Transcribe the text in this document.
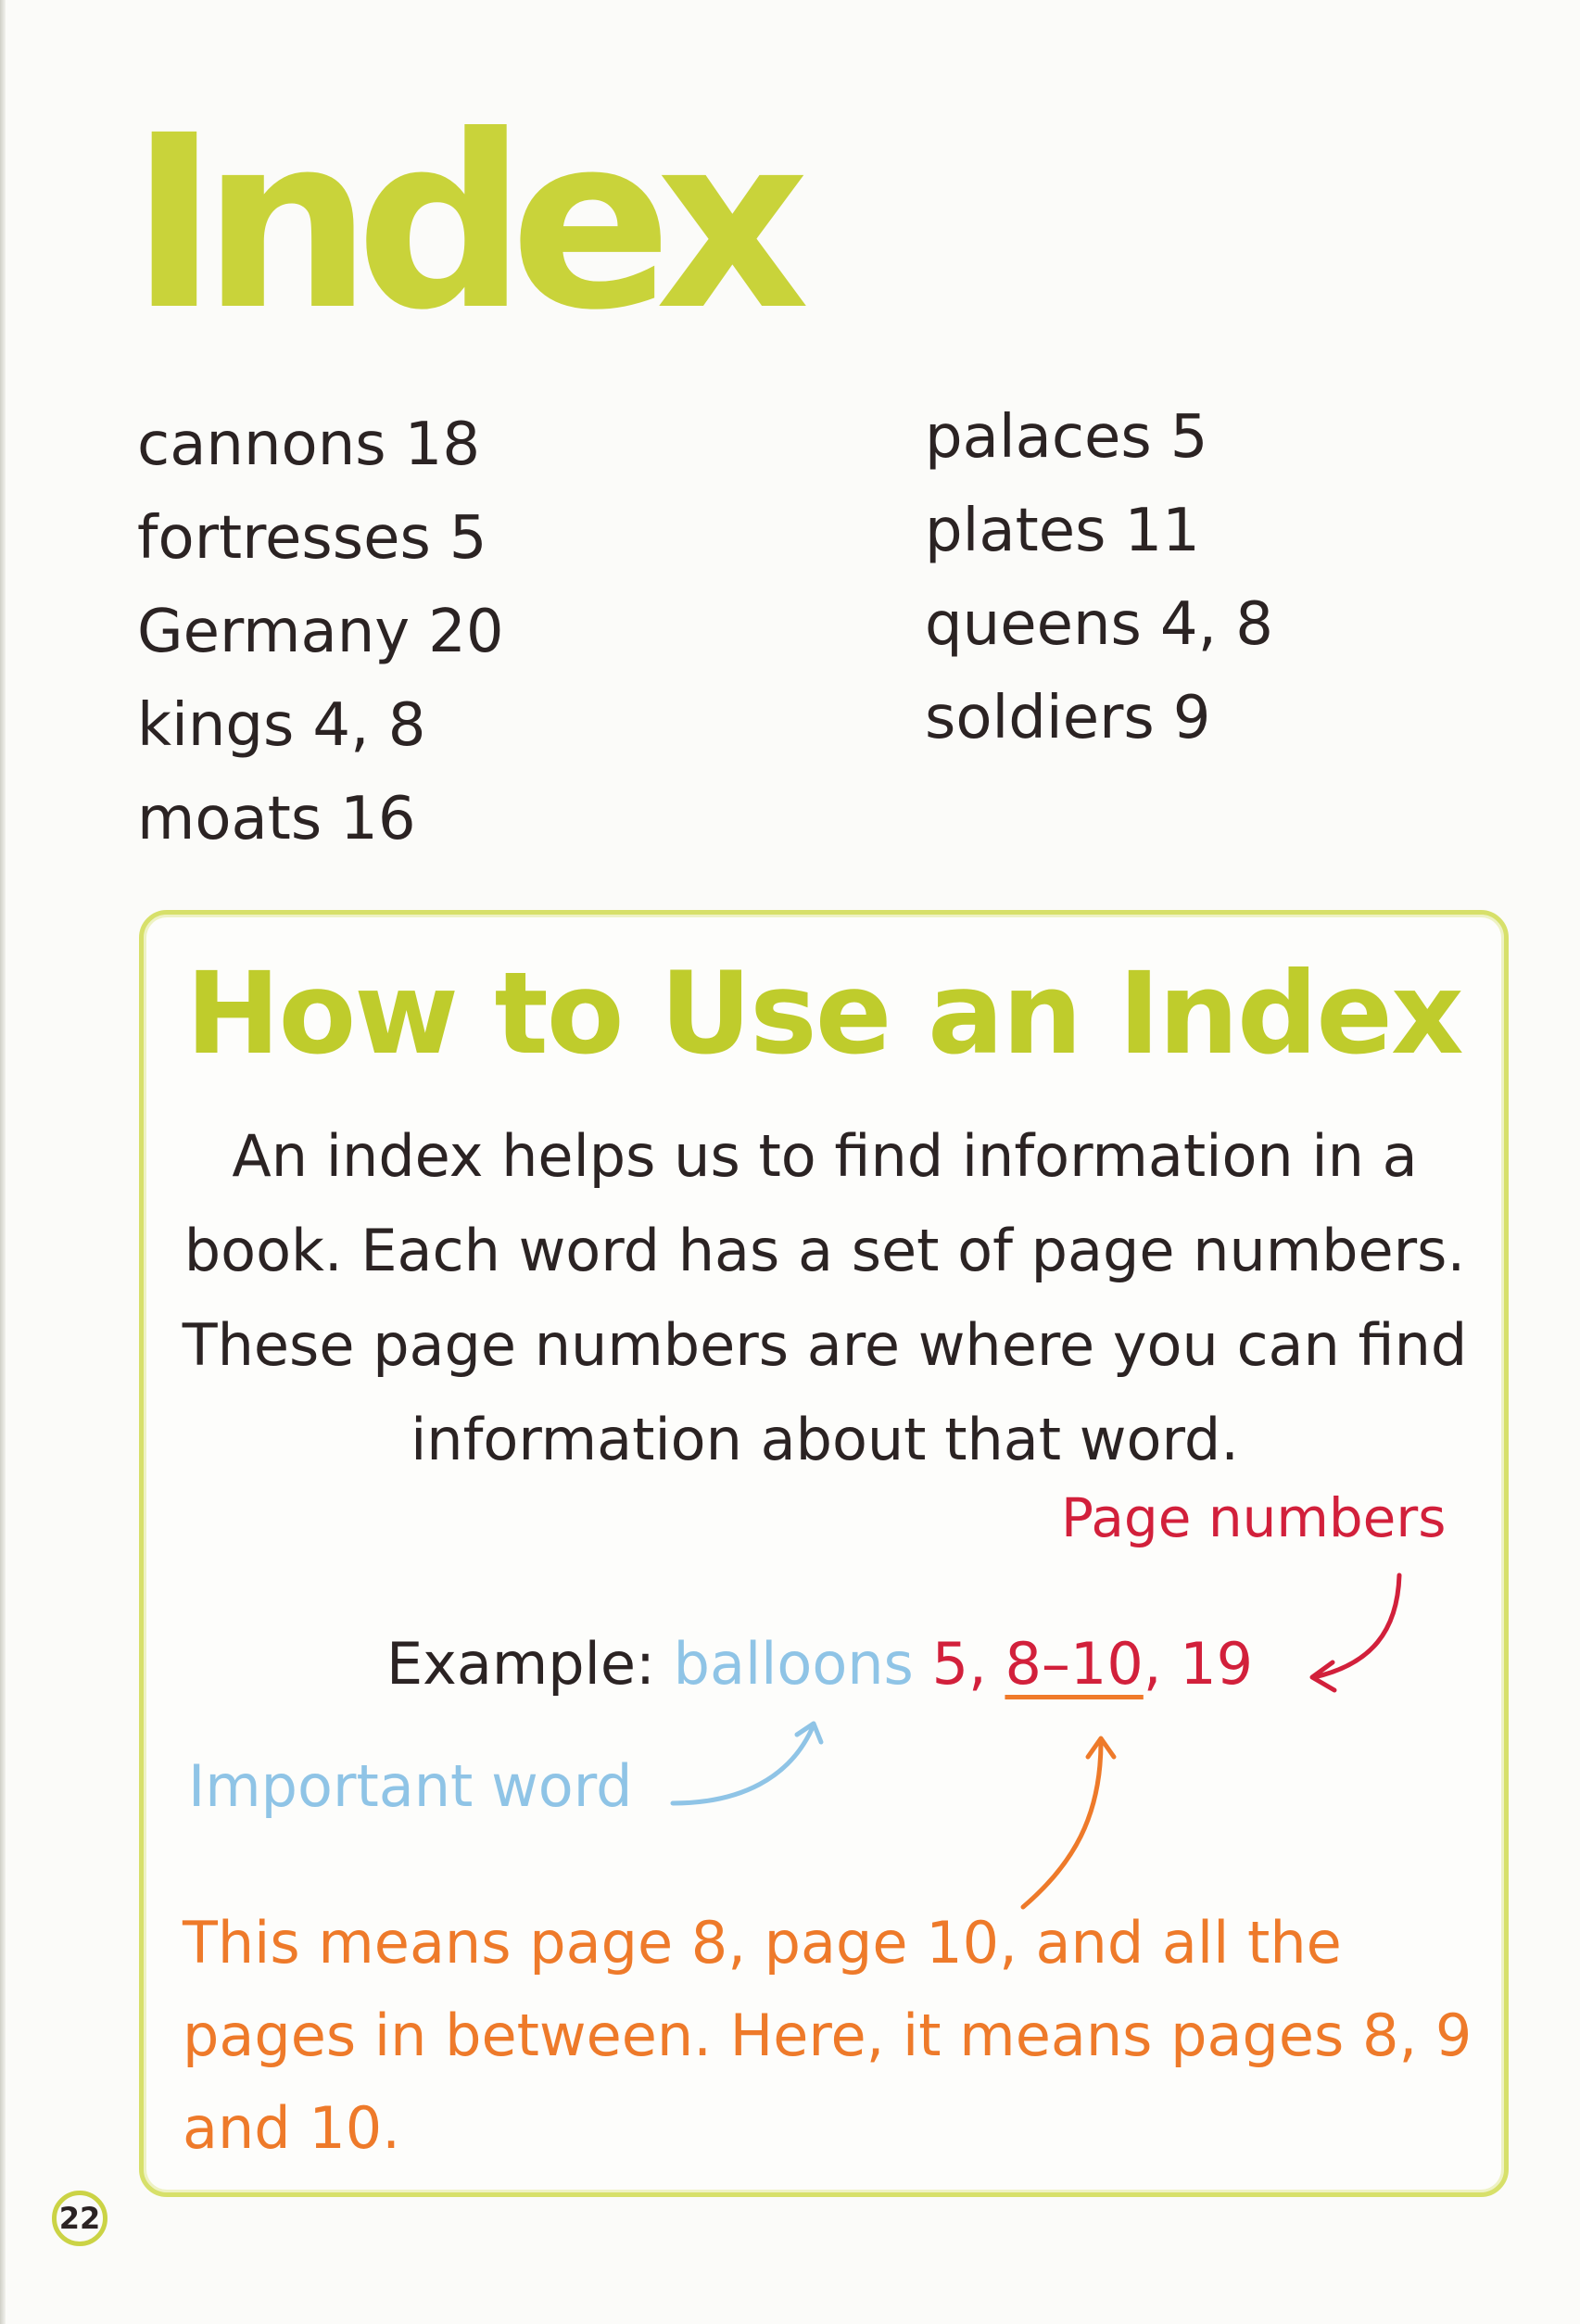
Index
cannons 18
fortresses 5
Germany 20
kings 4, 8
moats 16
palaces 5
plates 11
queens 4, 8
soldiers 9
How to Use an Index

An index helps us to find information in a book. Each word has a set of page numbers. These page numbers are where you can find information about that word.

Page numbers

Example: balloons 5, 8–10, 19

Important word

This means page 8, page 10, and all the pages in between. Here, it means pages 8, 9 and 10.

22
